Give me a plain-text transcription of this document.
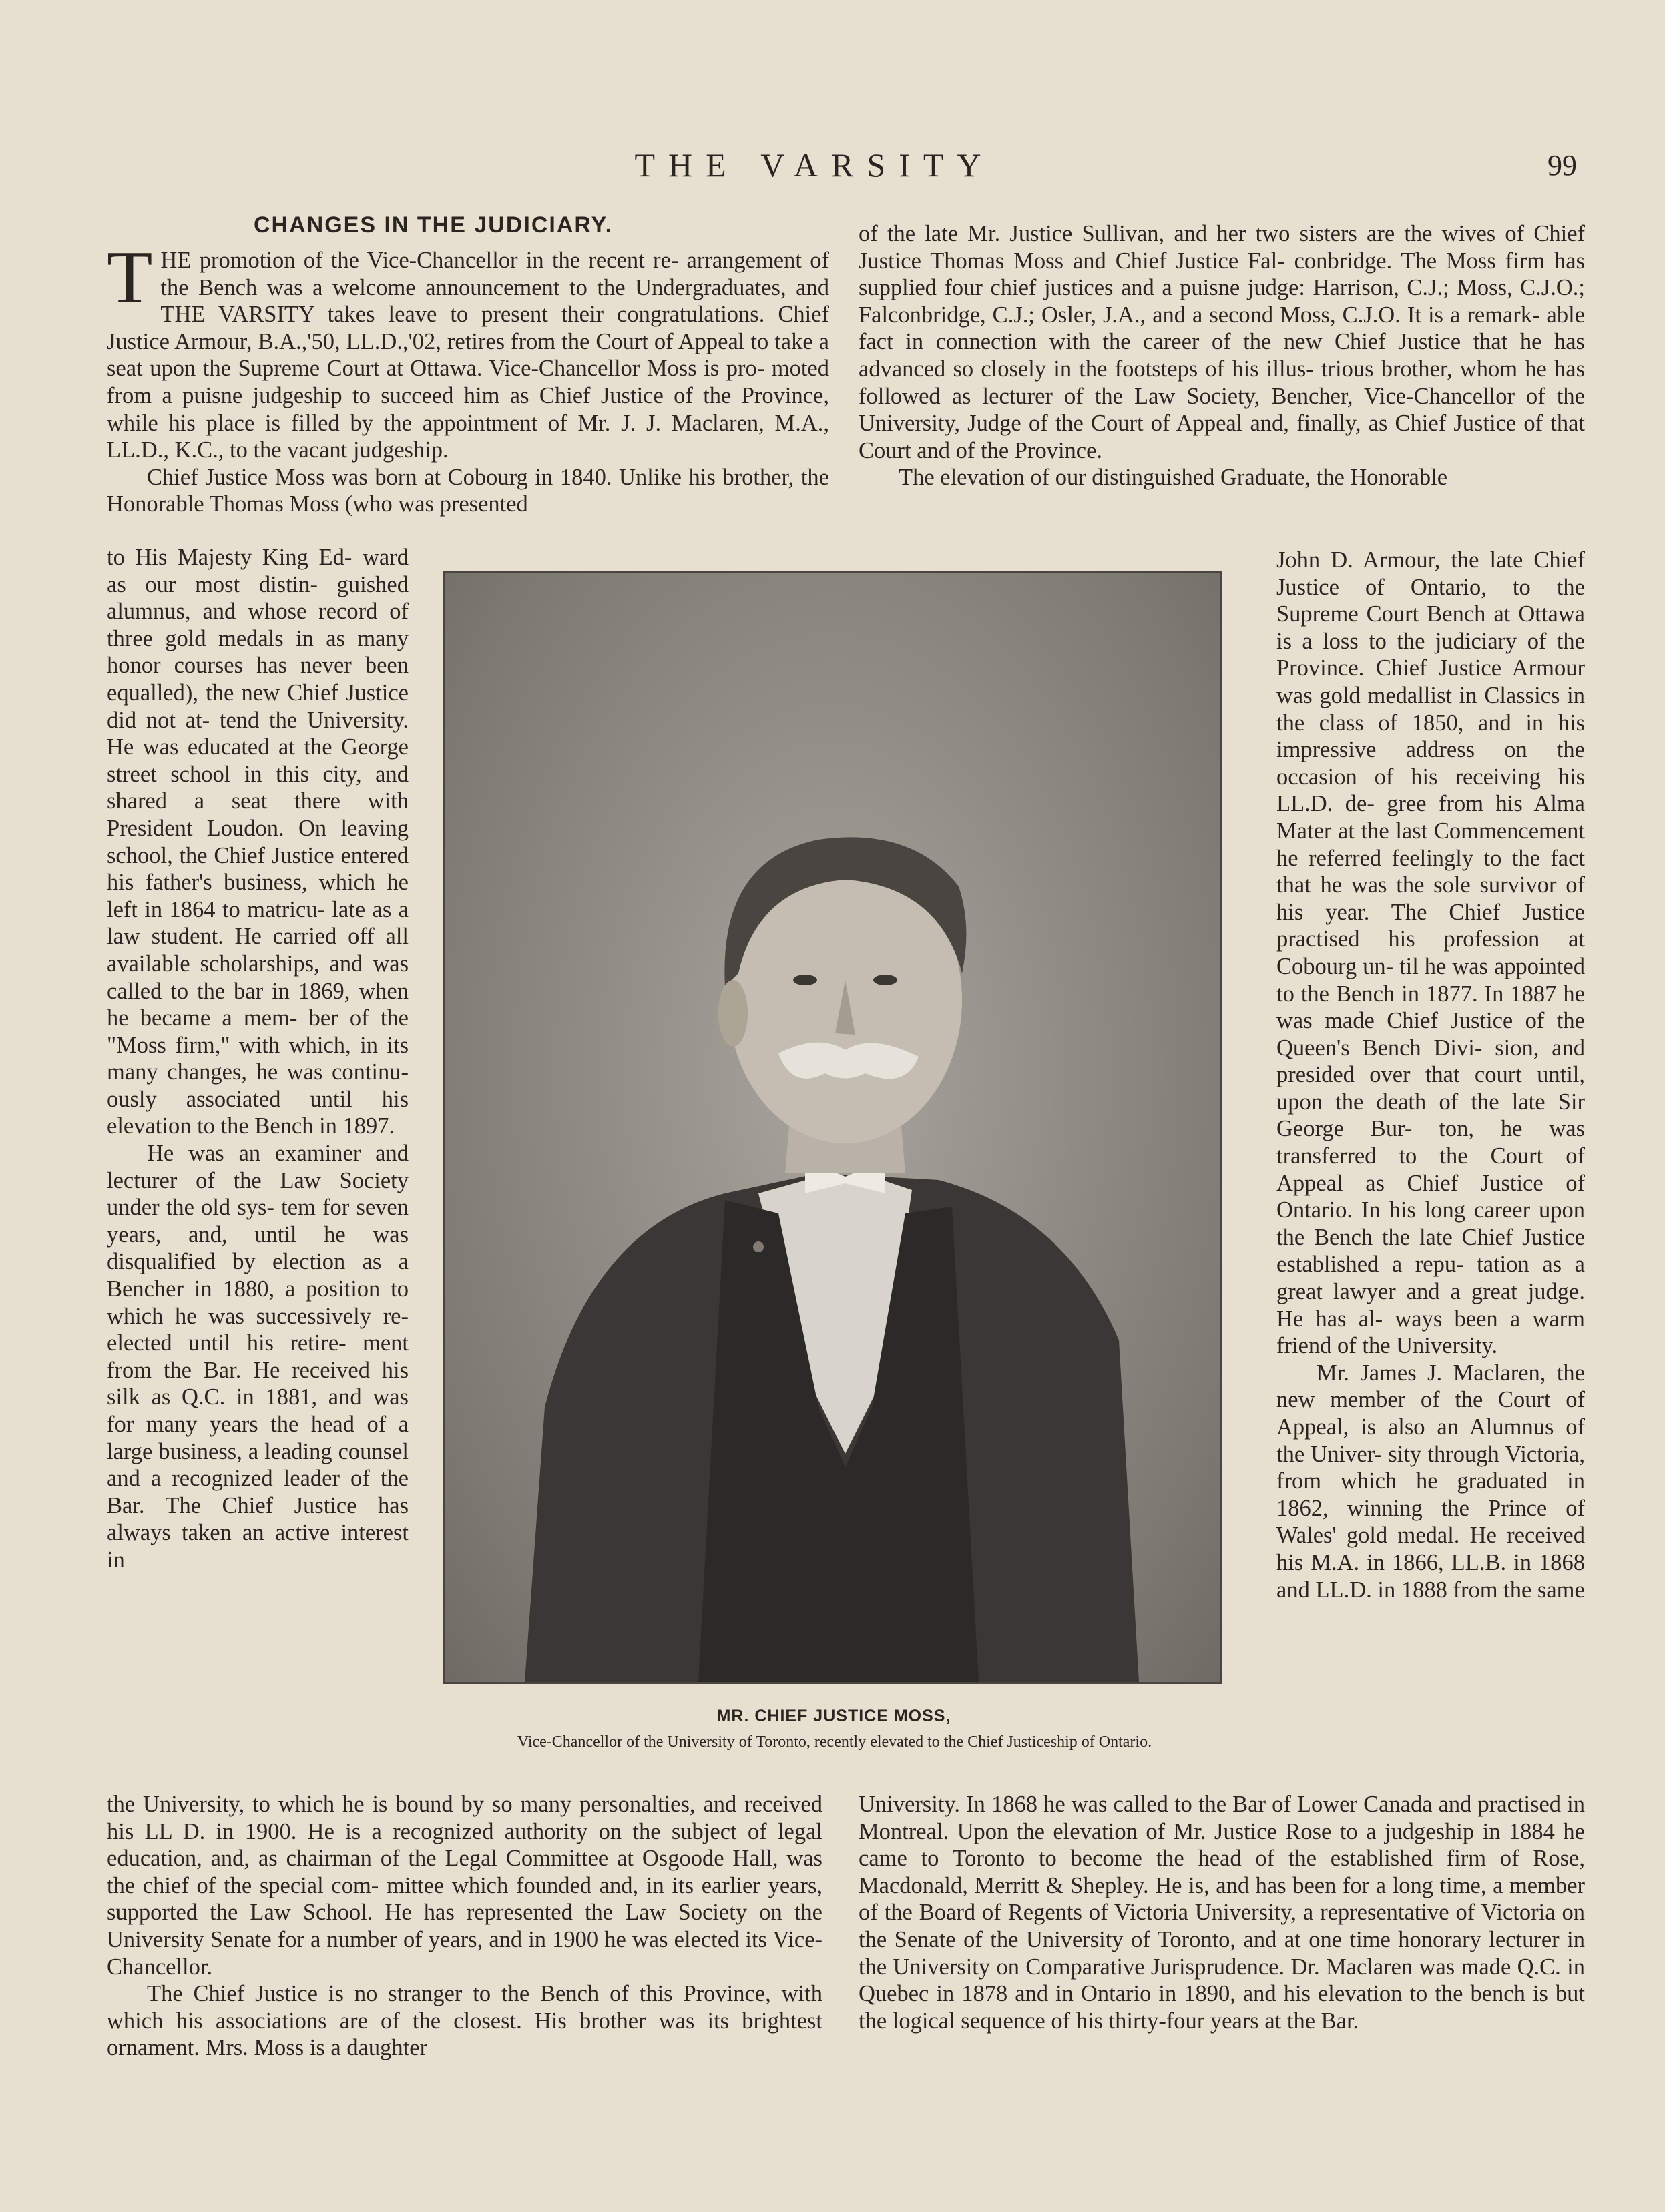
THE VARSITY	99
CHANGES IN THE JUDICIARY.

THE promotion of the Vice-Chancellor in the recent re- arrangement of the Bench was a welcome announcement to the Undergraduates, and THE VARSITY takes leave to present their congratulations. Chief Justice Armour, B.A.,'50, LL.D.,'02, retires from the Court of Appeal to take a seat upon the Supreme Court at Ottawa. Vice-Chancellor Moss is pro- moted from a puisne judgeship to succeed him as Chief Justice of the Province, while his place is filled by the appointment of Mr. J. J. Maclaren, M.A., LL.D., K.C., to the vacant judgeship.

Chief Justice Moss was born at Cobourg in 1840. Unlike his brother, the Honorable Thomas Moss (who was presented

to His Majesty King Ed- ward as our most distin- guished alumnus, and whose record of three gold medals in as many honor courses has never been equalled), the new Chief Justice did not at- tend the University. He was educated at the George street school in this city, and shared a seat there with President Loudon. On leaving school, the Chief Justice entered his father's business, which he left in 1864 to matricu- late as a law student. He carried off all available scholarships, and was called to the bar in 1869, when he became a mem- ber of the "Moss firm," with which, in its many changes, he was continu- ously associated until his elevation to the Bench in 1897.

He was an examiner and lecturer of the Law Society under the old sys- tem for seven years, and, until he was disqualified by election as a Bencher in 1880, a position to which he was successively re-elected until his retire- ment from the Bar. He received his silk as Q.C. in 1881, and was for many years the head of a large business, a leading counsel and a recognized leader of the Bar. The Chief Justice has always taken an active interest in

the University, to which he is bound by so many personalties, and received his LL D. in 1900. He is a recognized authority on the subject of legal education, and, as chairman of the Legal Committee at Osgoode Hall, was the chief of the special com- mittee which founded and, in its earlier years, supported the Law School. He has represented the Law Society on the University Senate for a number of years, and in 1900 he was elected its Vice-Chancellor.

The Chief Justice is no stranger to the Bench of this Province, with which his associations are of the closest. His brother was its brightest ornament. Mrs. Moss is a daughter

of the late Mr. Justice Sullivan, and her two sisters are the wives of Chief Justice Thomas Moss and Chief Justice Fal- conbridge. The Moss firm has supplied four chief justices and a puisne judge: Harrison, C.J.; Moss, C.J.O.; Falconbridge, C.J.; Osler, J.A., and a second Moss, C.J.O. It is a remark- able fact in connection with the career of the new Chief Justice that he has advanced so closely in the footsteps of his illus- trious brother, whom he has followed as lecturer of the Law Society, Bencher, Vice-Chancellor of the University, Judge of the Court of Appeal and, finally, as Chief Justice of that Court and of the Province.

The elevation of our distinguished Graduate, the Honorable

John D. Armour, the late Chief Justice of Ontario, to the Supreme Court Bench at Ottawa is a loss to the judiciary of the Province. Chief Justice Armour was gold medallist in Classics in the class of 1850, and in his impressive address on the occasion of his receiving his LL.D. de- gree from his Alma Mater at the last Commencement he referred feelingly to the fact that he was the sole survivor of his year. The Chief Justice practised his profession at Cobourg un- til he was appointed to the Bench in 1877. In 1887 he was made Chief Justice of the Queen's Bench Divi- sion, and presided over that court until, upon the death of the late Sir George Bur- ton, he was transferred to the Court of Appeal as Chief Justice of Ontario. In his long career upon the Bench the late Chief Justice established a repu- tation as a great lawyer and a great judge. He has al- ways been a warm friend of the University.

Mr. James J. Maclaren, the new member of the Court of Appeal, is also an Alumnus of the Univer- sity through Victoria, from which he graduated in 1862, winning the Prince of Wales' gold medal. He received his M.A. in 1866, LL.B. in 1868 and LL.D. in 1888 from the same

University. In 1868 he was called to the Bar of Lower Canada and practised in Montreal. Upon the elevation of Mr. Justice Rose to a judgeship in 1884 he came to Toronto to become the head of the established firm of Rose, Macdonald, Merritt & Shepley. He is, and has been for a long time, a member of the Board of Regents of Victoria University, a representative of Victoria on the Senate of the University of Toronto, and at one time honorary lecturer in the University on Comparative Jurisprudence. Dr. Maclaren was made Q.C. in Quebec in 1878 and in Ontario in 1890, and his elevation to the bench is but the logical sequence of his thirty-four years at the Bar.

MR. CHIEF JUSTICE MOSS,
Vice-Chancellor of the University of Toronto, recently elevated to the Chief Justiceship of Ontario.
